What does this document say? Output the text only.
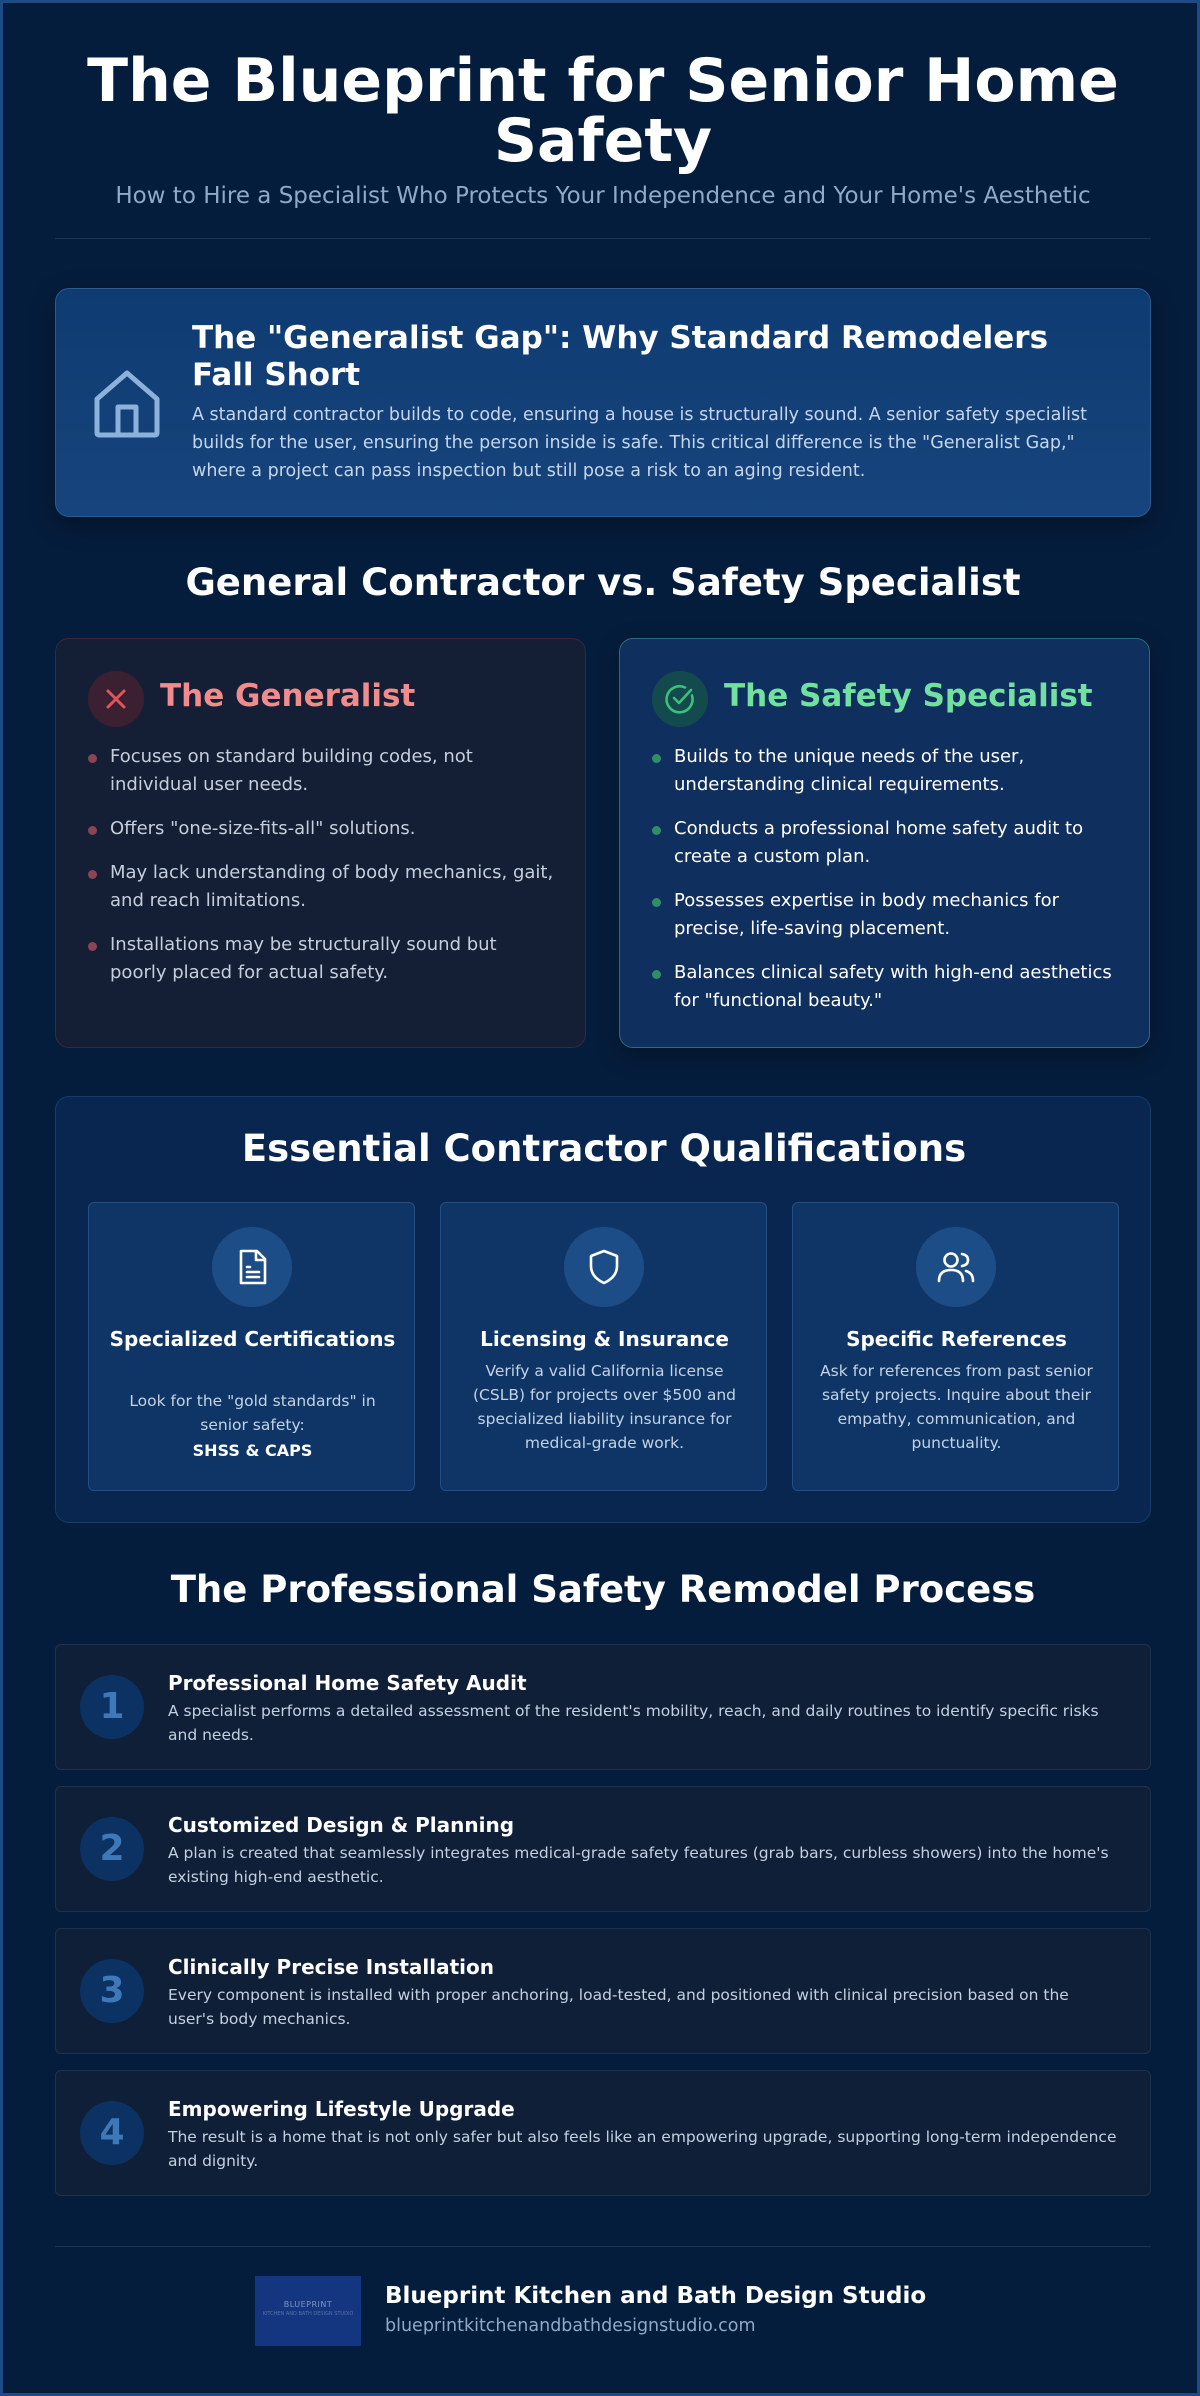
The Blueprint for Senior Home Safety
How to Hire a Specialist Who Protects Your Independence and Your Home's Aesthetic
The "Generalist Gap": Why Standard Remodelers Fall Short
A standard contractor builds to code, ensuring a house is structurally sound. A senior safety specialist builds for the user, ensuring the person inside is safe. This critical difference is the "Generalist Gap," where a project can pass inspection but still pose a risk to an aging resident.
General Contractor vs. Safety Specialist
The Generalist
Focuses on standard building codes, not individual user needs.
Offers "one-size-fits-all" solutions.
May lack understanding of body mechanics, gait, and reach limitations.
Installations may be structurally sound but poorly placed for actual safety.
The Safety Specialist
Builds to the unique needs of the user, understanding clinical requirements.
Conducts a professional home safety audit to create a custom plan.
Possesses expertise in body mechanics for precise, life-saving placement.
Balances clinical safety with high-end aesthetics for "functional beauty."
Essential Contractor Qualifications
Specialized Certifications
Look for the "gold standards" in senior safety:
SHSS & CAPS
Licensing & Insurance
Verify a valid California license (CSLB) for projects over $500 and specialized liability insurance for medical-grade work.
Specific References
Ask for references from past senior safety projects. Inquire about their empathy, communication, and punctuality.
The Professional Safety Remodel Process
1
Professional Home Safety Audit
A specialist performs a detailed assessment of the resident's mobility, reach, and daily routines to identify specific risks and needs.
2
Customized Design & Planning
A plan is created that seamlessly integrates medical-grade safety features (grab bars, curbless showers) into the home's existing high-end aesthetic.
3
Clinically Precise Installation
Every component is installed with proper anchoring, load-tested, and positioned with clinical precision based on the user's body mechanics.
4
Empowering Lifestyle Upgrade
The result is a home that is not only safer but also feels like an empowering upgrade, supporting long-term independence and dignity.
BLUEPRINT
KITCHEN AND BATH DESIGN STUDIO
Blueprint Kitchen and Bath Design Studio
blueprintkitchenandbathdesignstudio.com
